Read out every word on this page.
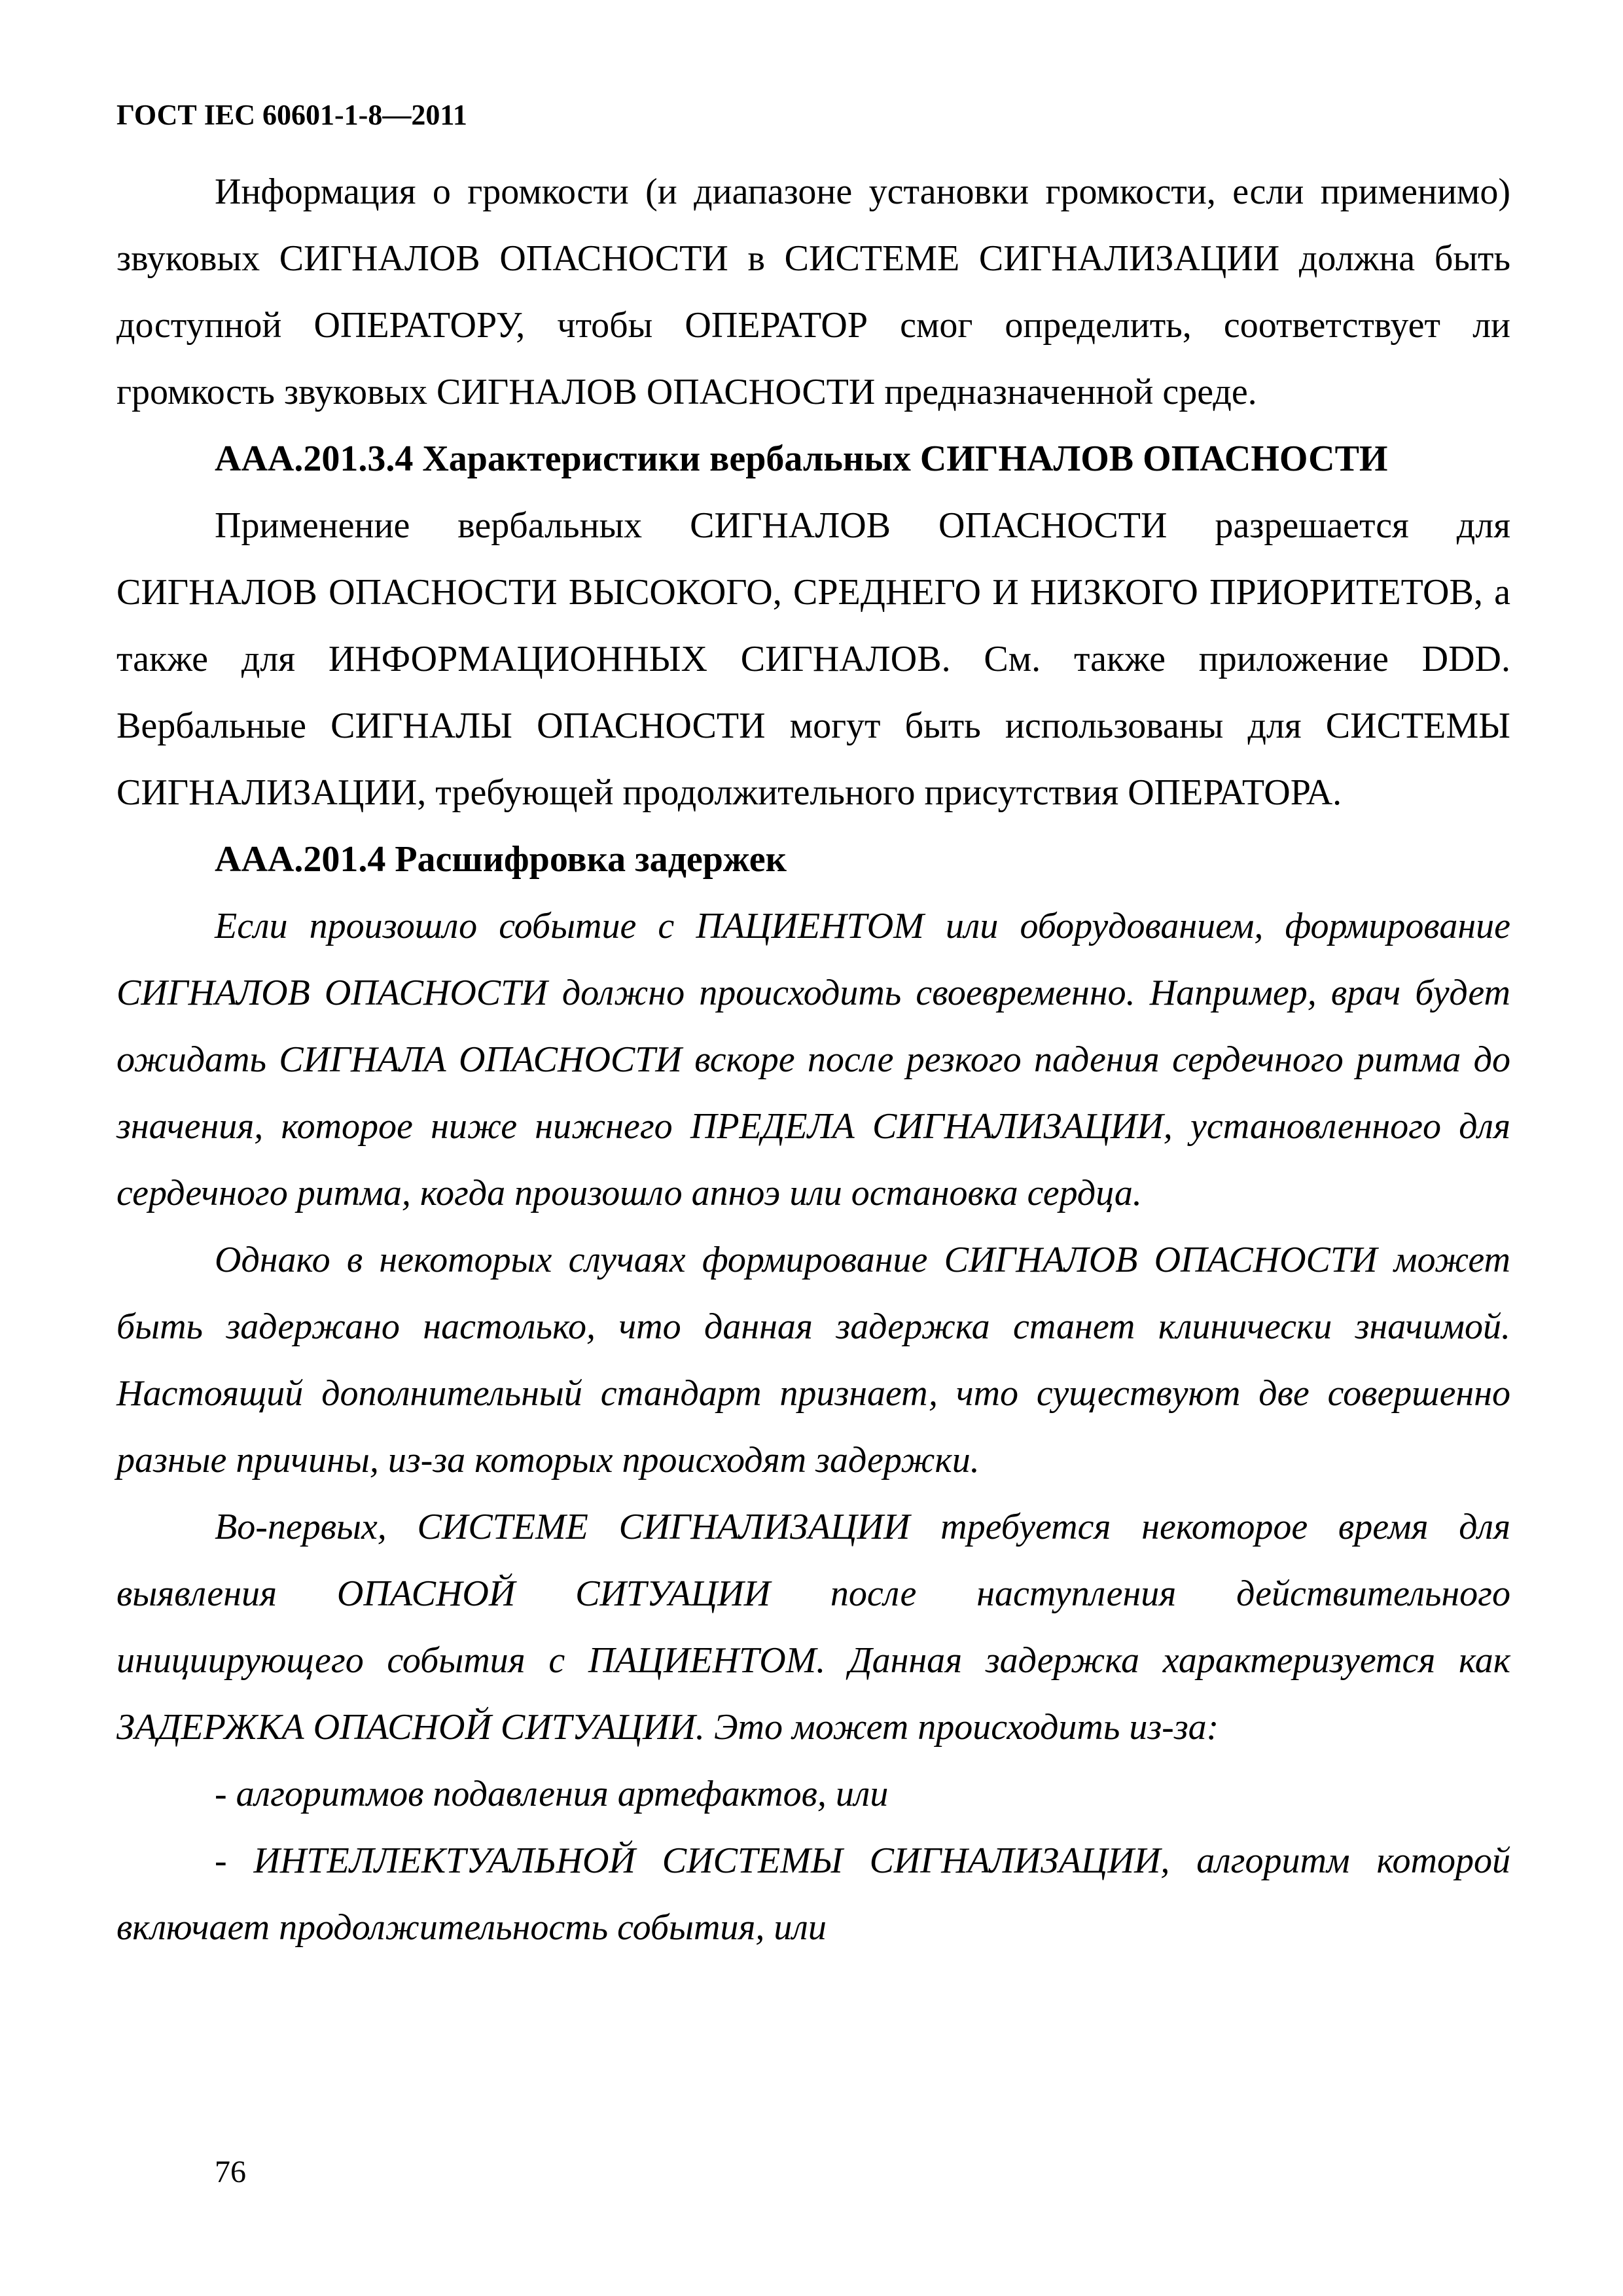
ГОСТ IEC 60601-1-8—2011

Информация о громкости (и диапазоне установки громкости, если применимо) звуковых СИГНАЛОВ ОПАСНОСТИ в СИСТЕМЕ СИГНАЛИЗАЦИИ должна быть доступной ОПЕРАТОРУ, чтобы ОПЕРАТОР смог определить, соответствует ли громкость звуковых СИГНАЛОВ ОПАСНОСТИ предназначенной среде.

ААА.201.3.4 Характеристики вербальных СИГНАЛОВ ОПАСНОСТИ

Применение вербальных СИГНАЛОВ ОПАСНОСТИ разрешается для СИГНАЛОВ ОПАСНОСТИ ВЫСОКОГО, СРЕДНЕГО И НИЗКОГО ПРИОРИТЕТОВ, а также для ИНФОРМАЦИОННЫХ СИГНАЛОВ. См. также приложение DDD. Вербальные СИГНАЛЫ ОПАСНОСТИ могут быть использованы для СИСТЕМЫ СИГНАЛИЗАЦИИ, требующей продолжительного присутствия ОПЕРАТОРА.

ААА.201.4 Расшифровка задержек

Если произошло событие с ПАЦИЕНТОМ или оборудованием, формирование СИГНАЛОВ ОПАСНОСТИ должно происходить своевременно. Например, врач будет ожидать СИГНАЛА ОПАСНОСТИ вскоре после резкого падения сердечного ритма до значения, которое ниже нижнего ПРЕДЕЛА СИГНАЛИЗАЦИИ, установленного для сердечного ритма, когда произошло апноэ или остановка сердца.

Однако в некоторых случаях формирование СИГНАЛОВ ОПАСНОСТИ может быть задержано настолько, что данная задержка станет клинически значимой. Настоящий дополнительный стандарт признает, что существуют две совершенно разные причины, из-за которых происходят задержки.

Во-первых, СИСТЕМЕ СИГНАЛИЗАЦИИ требуется некоторое время для выявления ОПАСНОЙ СИТУАЦИИ после наступления действительного инициирующего события с ПАЦИЕНТОМ. Данная задержка характеризуется как ЗАДЕРЖКА ОПАСНОЙ СИТУАЦИИ. Это может происходить из-за:

- алгоритмов подавления артефактов, или

- ИНТЕЛЛЕКТУАЛЬНОЙ СИСТЕМЫ СИГНАЛИЗАЦИИ, алгоритм которой включает продолжительность события, или

76
